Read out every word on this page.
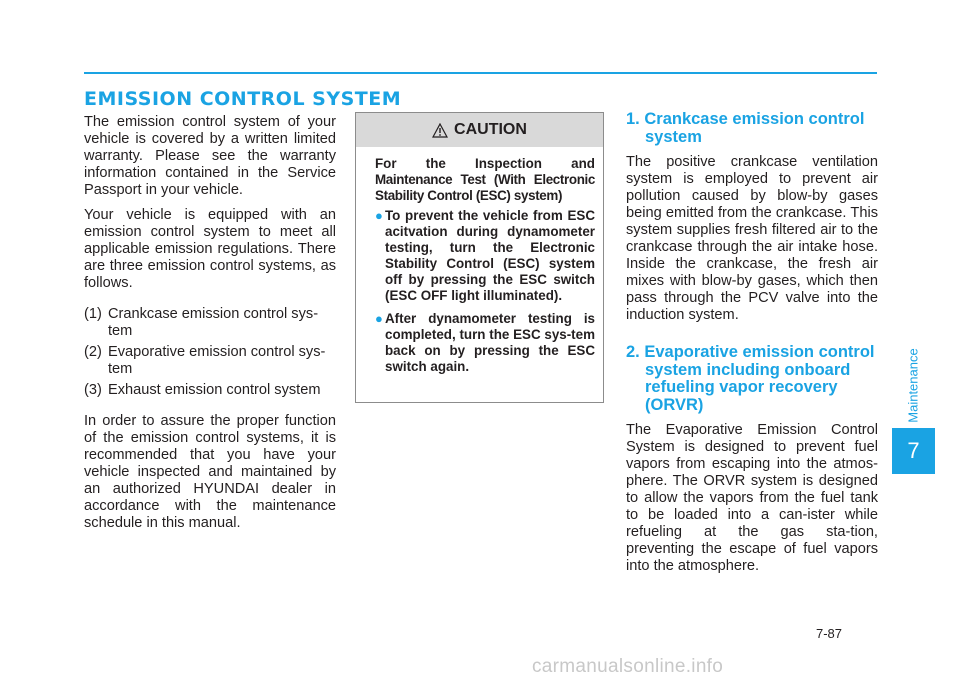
EMISSION CONTROL SYSTEM

The emission control system of your vehicle is covered by a written limited warranty. Please see the warranty information contained in the Service Passport in your vehicle.

Your vehicle is equipped with an emission control system to meet all applicable emission regulations. There are three emission control systems, as follows.

(1) Crankcase emission control sys-
tem
(2) Evaporative emission control sys-
tem
(3) Exhaust emission control system

In order to assure the proper function of the emission control systems, it is recommended that you have your vehicle inspected and maintained by an authorized HYUNDAI dealer in accordance with the maintenance schedule in this manual.

CAUTION

For the Inspection and
Maintenance Test (With Electronic Stability Control (ESC) system)

● To prevent the vehicle from ESC acitvation during dynamometer testing, turn the Electronic Stability Control (ESC) system off by pressing the ESC switch (ESC OFF light illuminated).
● After dynamometer testing is completed, turn the ESC sys-tem back on by pressing the ESC switch again.
1. Crankcase emission control
system

The positive crankcase ventilation system is employed to prevent air pollution caused by blow-by gases being emitted from the crankcase. This system supplies fresh filtered air to the crankcase through the air intake hose. Inside the crankcase, the fresh air mixes with blow-by gases, which then pass through the PCV valve into the induction system.

2. Evaporative emission control
system including onboard
refueling vapor recovery
(ORVR)

The Evaporative Emission Control System is designed to prevent fuel vapors from escaping into the atmos-phere. The ORVR system is designed to allow the vapors from the fuel tank to be loaded into a can-ister while refueling at the gas sta-tion, preventing the escape of fuel vapors into the atmosphere.

Maintenance
7
7-87
carmanualsonline.info
